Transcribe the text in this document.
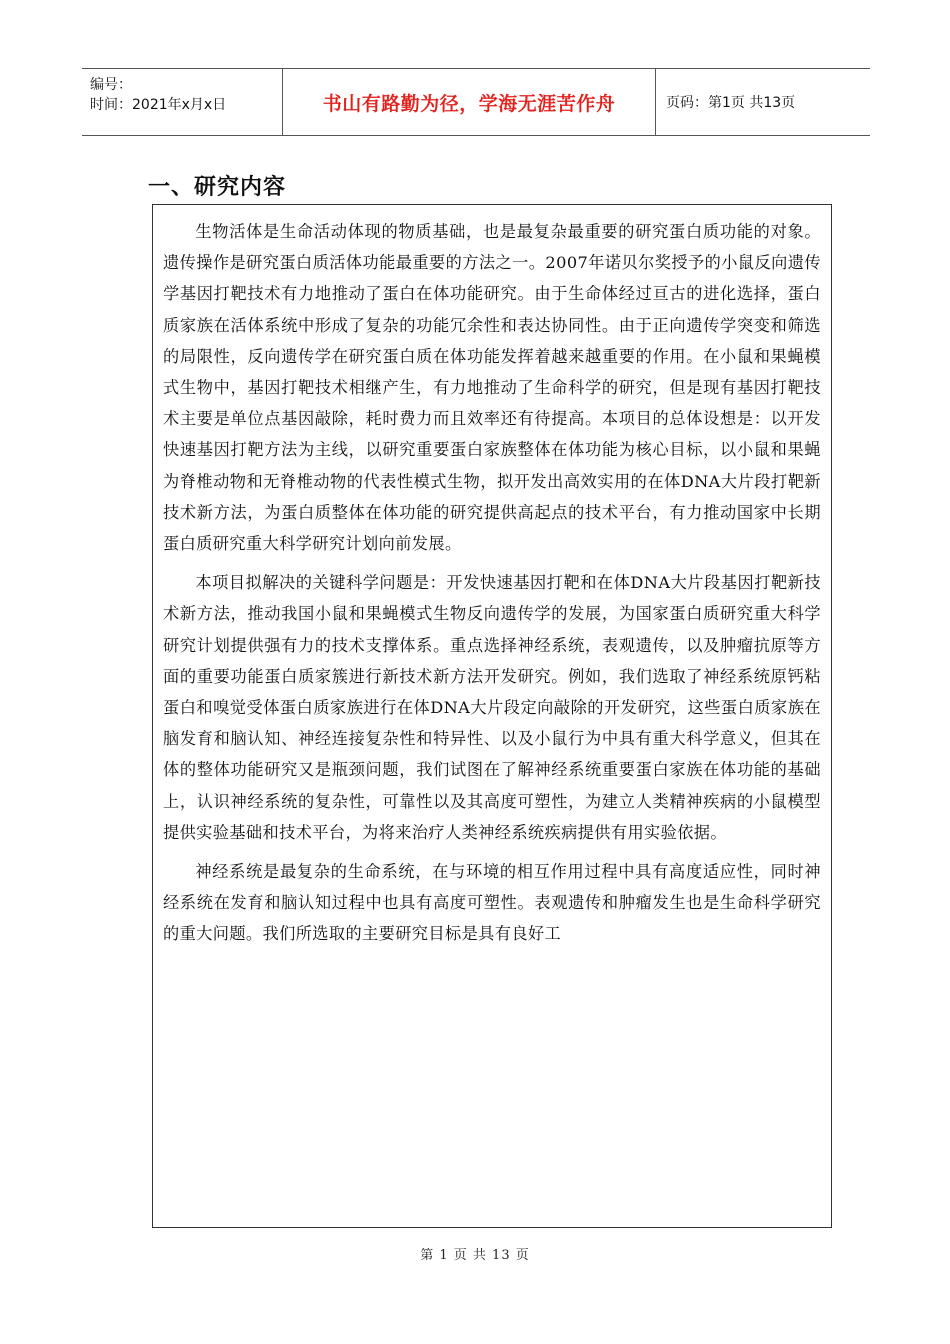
编号：
时间：2021年x月x日	书山有路勤为径，学海无涯苦作舟	页码：第1页 共13页
一、研究内容

生物活体是生命活动体现的物质基础，也是最复杂最重要的研究蛋白质功能的对象。遗传操作是研究蛋白质活体功能最重要的方法之一。2007年诺贝尔奖授予的小鼠反向遗传学基因打靶技术有力地推动了蛋白在体功能研究。由于生命体经过亘古的进化选择，蛋白质家族在活体系统中形成了复杂的功能冗余性和表达协同性。由于正向遗传学突变和筛选的局限性，反向遗传学在研究蛋白质在体功能发挥着越来越重要的作用。在小鼠和果蝇模式生物中，基因打靶技术相继产生，有力地推动了生命科学的研究，但是现有基因打靶技术主要是单位点基因敲除，耗时费力而且效率还有待提高。本项目的总体设想是：以开发快速基因打靶方法为主线，以研究重要蛋白家族整体在体功能为核心目标，以小鼠和果蝇为脊椎动物和无脊椎动物的代表性模式生物，拟开发出高效实用的在体DNA大片段打靶新技术新方法，为蛋白质整体在体功能的研究提供高起点的技术平台，有力推动国家中长期蛋白质研究重大科学研究计划向前发展。

本项目拟解决的关键科学问题是：开发快速基因打靶和在体DNA大片段基因打靶新技术新方法，推动我国小鼠和果蝇模式生物反向遗传学的发展，为国家蛋白质研究重大科学研究计划提供强有力的技术支撑体系。重点选择神经系统，表观遗传，以及肿瘤抗原等方面的重要功能蛋白质家簇进行新技术新方法开发研究。例如，我们选取了神经系统原钙粘蛋白和嗅觉受体蛋白质家族进行在体DNA大片段定向敲除的开发研究，这些蛋白质家族在脑发育和脑认知、神经连接复杂性和特异性、以及小鼠行为中具有重大科学意义，但其在体的整体功能研究又是瓶颈问题，我们试图在了解神经系统重要蛋白家族在体功能的基础上，认识神经系统的复杂性，可靠性以及其高度可塑性，为建立人类精神疾病的小鼠模型提供实验基础和技术平台，为将来治疗人类神经系统疾病提供有用实验依据。

神经系统是最复杂的生命系统，在与环境的相互作用过程中具有高度适应性，同时神经系统在发育和脑认知过程中也具有高度可塑性。表观遗传和肿瘤发生也是生命科学研究的重大问题。我们所选取的主要研究目标是具有良好工

第 1 页 共 13 页
